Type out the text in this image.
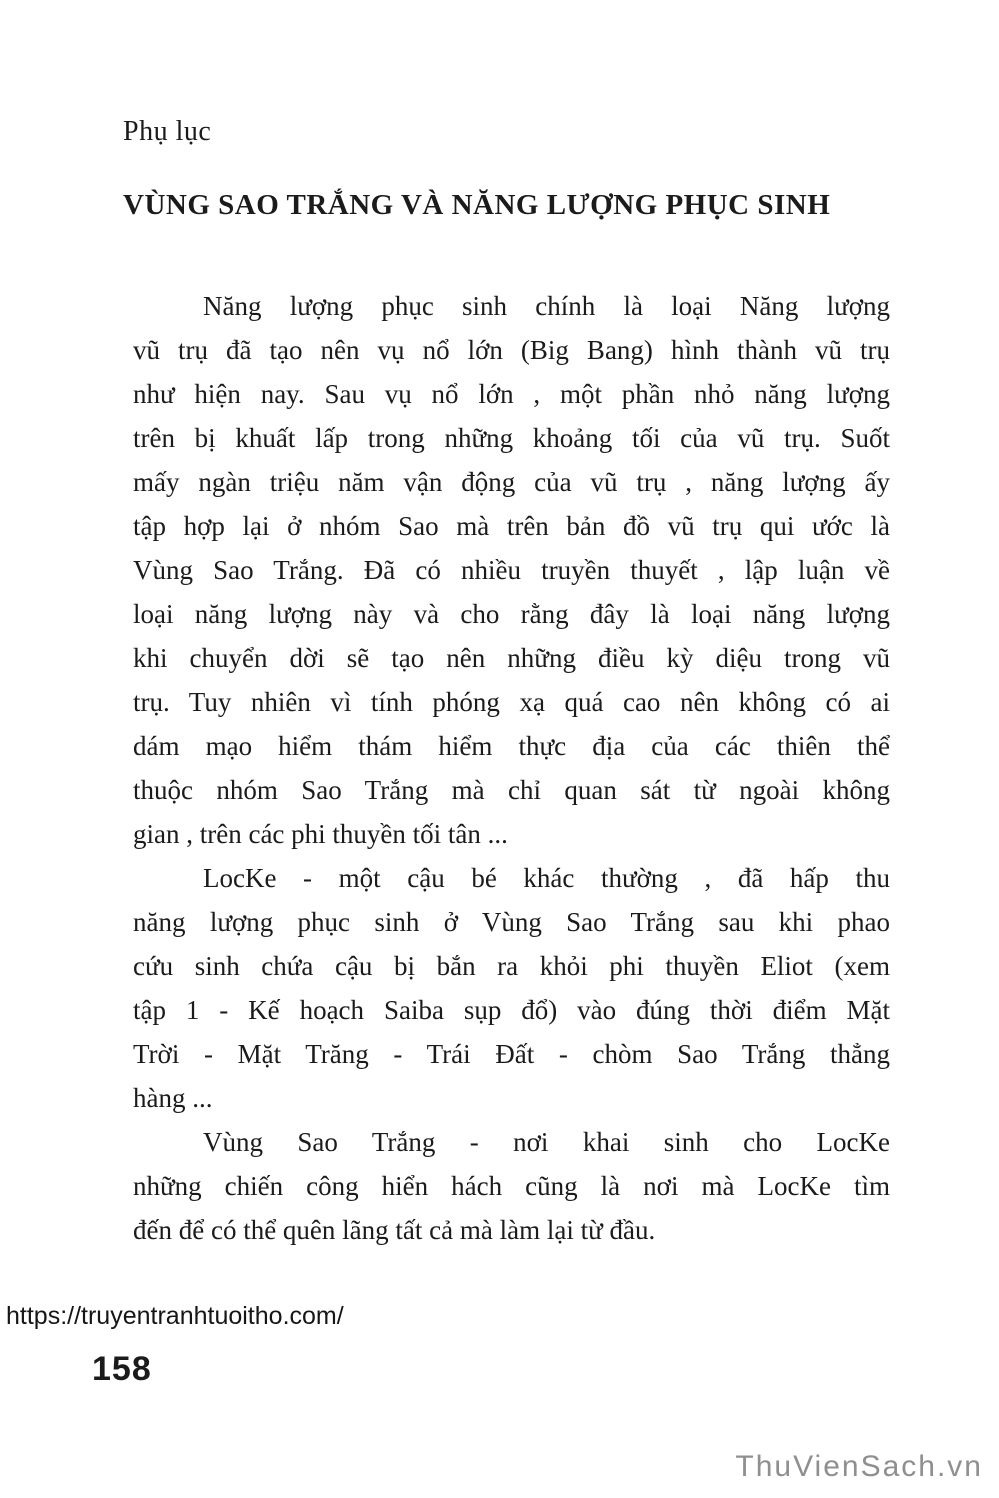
Phụ lục
VÙNG SAO TRẮNG VÀ NĂNG LƯỢNG PHỤC SINH
Năng lượng phục sinh chính là loại Năng lượng
vũ trụ đã tạo nên vụ nổ lớn (Big Bang) hình thành vũ trụ
như hiện nay. Sau vụ nổ lớn , một phần nhỏ năng lượng
trên bị khuất lấp trong những khoảng tối của vũ trụ. Suốt
mấy ngàn triệu năm vận động của vũ trụ , năng lượng ấy
tập hợp lại ở nhóm Sao mà trên bản đồ vũ trụ qui ước là
Vùng Sao Trắng. Đã có nhiều truyền thuyết , lập luận về
loại năng lượng này và cho rằng đây là loại năng lượng
khi chuyển dời sẽ tạo nên những điều kỳ diệu trong vũ
trụ. Tuy nhiên vì tính phóng xạ quá cao nên không có ai
dám mạo hiểm thám hiểm thực địa của các thiên thể
thuộc nhóm Sao Trắng mà chỉ quan sát từ ngoài không
gian , trên các phi thuyền tối tân ...
LocKe - một cậu bé khác thường , đã hấp thu
năng lượng phục sinh ở Vùng Sao Trắng sau khi phao
cứu sinh chứa cậu bị bắn ra khỏi phi thuyền Eliot (xem
tập 1 - Kế hoạch Saiba sụp đổ) vào đúng thời điểm Mặt
Trời - Mặt Trăng - Trái Đất - chòm Sao Trắng thẳng
hàng ...
Vùng Sao Trắng - nơi khai sinh cho LocKe
những chiến công hiển hách cũng là nơi mà LocKe tìm
đến để có thể quên lãng tất cả mà làm lại từ đầu.
https://truyentranhtuoitho.com/
158
ThuVienSach.vn
